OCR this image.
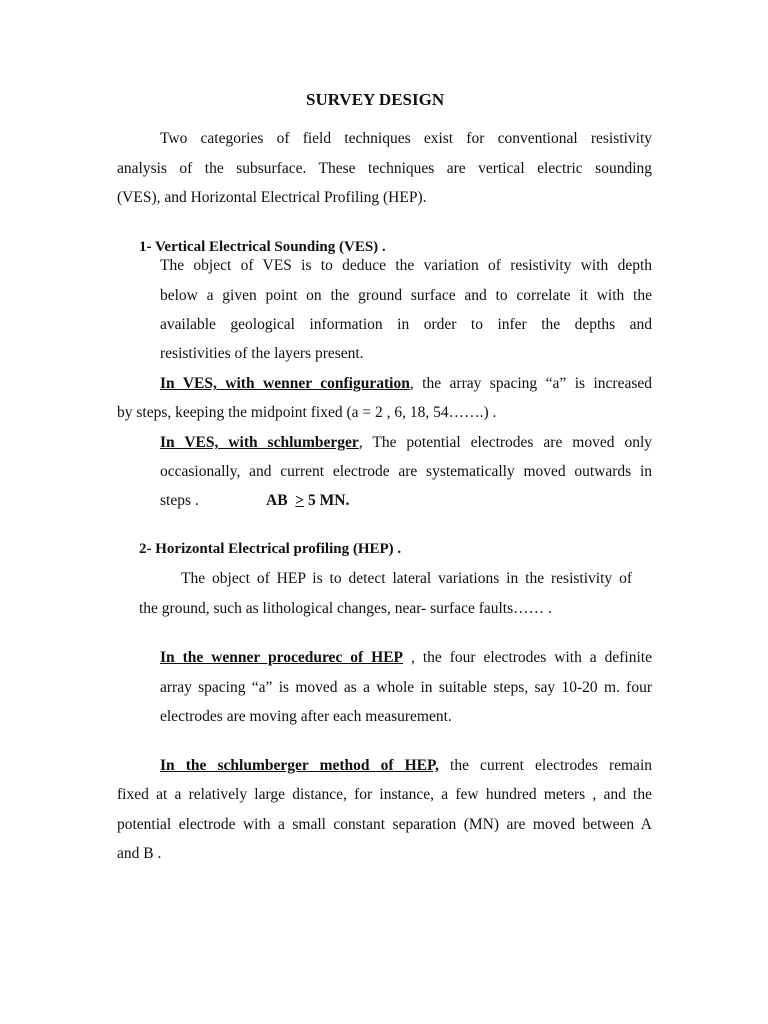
SURVEY DESIGN
Two categories of field techniques exist for conventional resistivity
analysis of the subsurface. These techniques are vertical electric sounding
(VES), and Horizontal Electrical Profiling (HEP).
1- Vertical Electrical Sounding (VES) .
The object of VES is to deduce the variation of resistivity with depth
below a given point on the ground surface and to correlate it with the
available geological information in order to infer the depths and
resistivities of the layers present.
In VES, with wenner configuration, the array spacing “a” is increased
by steps, keeping the midpoint fixed (a = 2 , 6, 18, 54…….) .
In VES, with schlumberger, The potential electrodes are moved only
occasionally, and current electrode are systematically moved outwards in
steps .	AB > 5 MN.
2- Horizontal Electrical profiling (HEP) .
The object of HEP is to detect lateral variations in the resistivity of
the ground, such as lithological changes, near- surface faults…… .
In the wenner procedurec of HEP , the four electrodes with a definite
array spacing “a” is moved as a whole in suitable steps, say 10-20 m. four
electrodes are moving after each measurement.
In the schlumberger method of HEP, the current electrodes remain
fixed at a relatively large distance, for instance, a few hundred meters , and the
potential electrode with a small constant separation (MN) are moved between A
and B .
